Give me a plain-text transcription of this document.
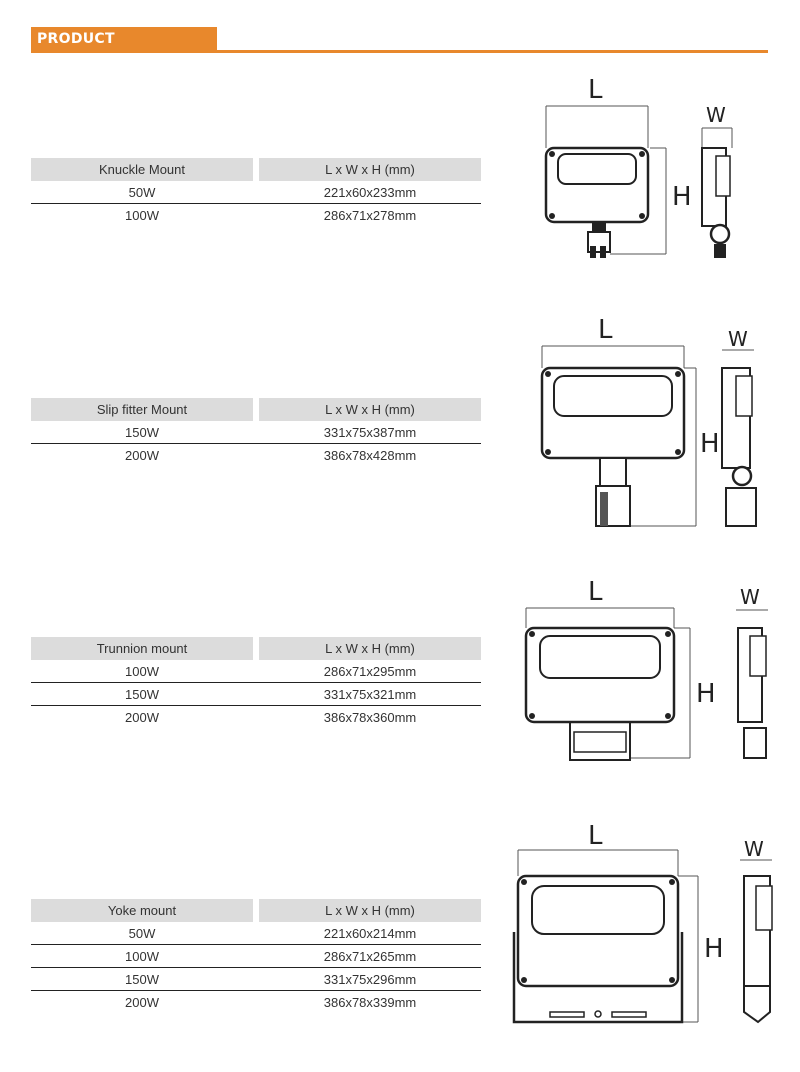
PRODUCT SPECIFICATION
Knuckle Mount	L x W x H (mm)
50W	221x60x233mm
100W	286x71x278mm
L
W
H
Slip fitter Mount	L x W x H (mm)
150W	331x75x387mm
200W	386x78x428mm
L	W
H
Trunnion mount	L x W x H (mm)
100W	286x71x295mm
150W	331x75x321mm
200W	386x78x360mm
L	W
H
Yoke mount	L x W x H (mm)
50W	221x60x214mm
100W	286x71x265mm
150W	331x75x296mm
200W	386x78x339mm
L	W
H
